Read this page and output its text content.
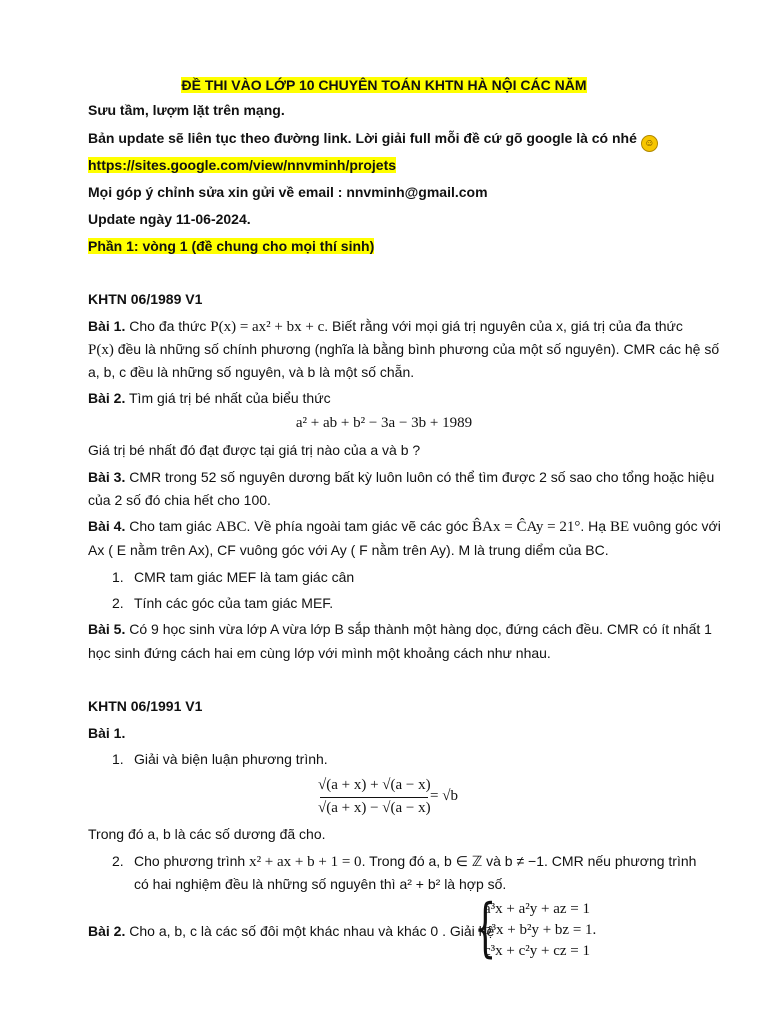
ĐỀ THI VÀO LỚP 10 CHUYÊN TOÁN KHTN HÀ NỘI CÁC NĂM
Sưu tầm, lượm lặt trên mạng.
Bản update sẽ liên tục theo đường link. Lời giải full mỗi đề cứ gõ google là có nhé ☺
https://sites.google.com/view/nnvminh/projets
Mọi góp ý chỉnh sửa xin gửi về email : nnvminh@gmail.com
Update ngày 11-06-2024.
Phần 1: vòng 1 (đề chung cho mọi thí sinh)
KHTN 06/1989 V1
Bài 1. Cho đa thức P(x) = ax² + bx + c. Biết rằng với mọi giá trị nguyên của x, giá trị của đa thức
P(x) đều là những số chính phương (nghĩa là bằng bình phương của một số nguyên). CMR các hệ số
a, b, c đều là những số nguyên, và b là một số chẵn.
Bài 2. Tìm giá trị bé nhất của biểu thức
a² + ab + b² − 3a − 3b + 1989
Giá trị bé nhất đó đạt được tại giá trị nào của a và b ?
Bài 3. CMR trong 52 số nguyên dương bất kỳ luôn luôn có thể tìm được 2 số sao cho tổng hoặc hiệu
của 2 số đó chia hết cho 100.
Bài 4. Cho tam giác ABC. Về phía ngoài tam giác vẽ các góc B̂Ax = ĈAy = 21°. Hạ BE vuông góc với
Ax ( E nằm trên Ax), CF vuông góc với Ay ( F nằm trên Ay). M là trung diểm của BC.
1. CMR tam giác MEF là tam giác cân
2. Tính các góc của tam giác MEF.
Bài 5. Có 9 học sinh vừa lớp A vừa lớp B sắp thành một hàng dọc, đứng cách đều. CMR có ít nhất 1
học sinh đứng cách hai em cùng lớp với mình một khoảng cách như nhau.
KHTN 06/1991 V1
Bài 1.
1. Giải và biện luận phương trình.
√(a + x) + √(a − x)
√(a + x) − √(a − x)
= √b
Trong đó a, b là các số dương đã cho.
2. Cho phương trình x² + ax + b + 1 = 0. Trong đó a, b ∈ ℤ và b ≠ −1. CMR nếu phương trình
có hai nghiệm đều là những số nguyên thì a² + b² là hợp số.
Bài 2. Cho a, b, c là các số đôi một khác nhau và khác 0 . Giải hệ
{
a³x + a²y + az = 1
b³x + b²y + bz = 1.
c³x + c²y + cz = 1
